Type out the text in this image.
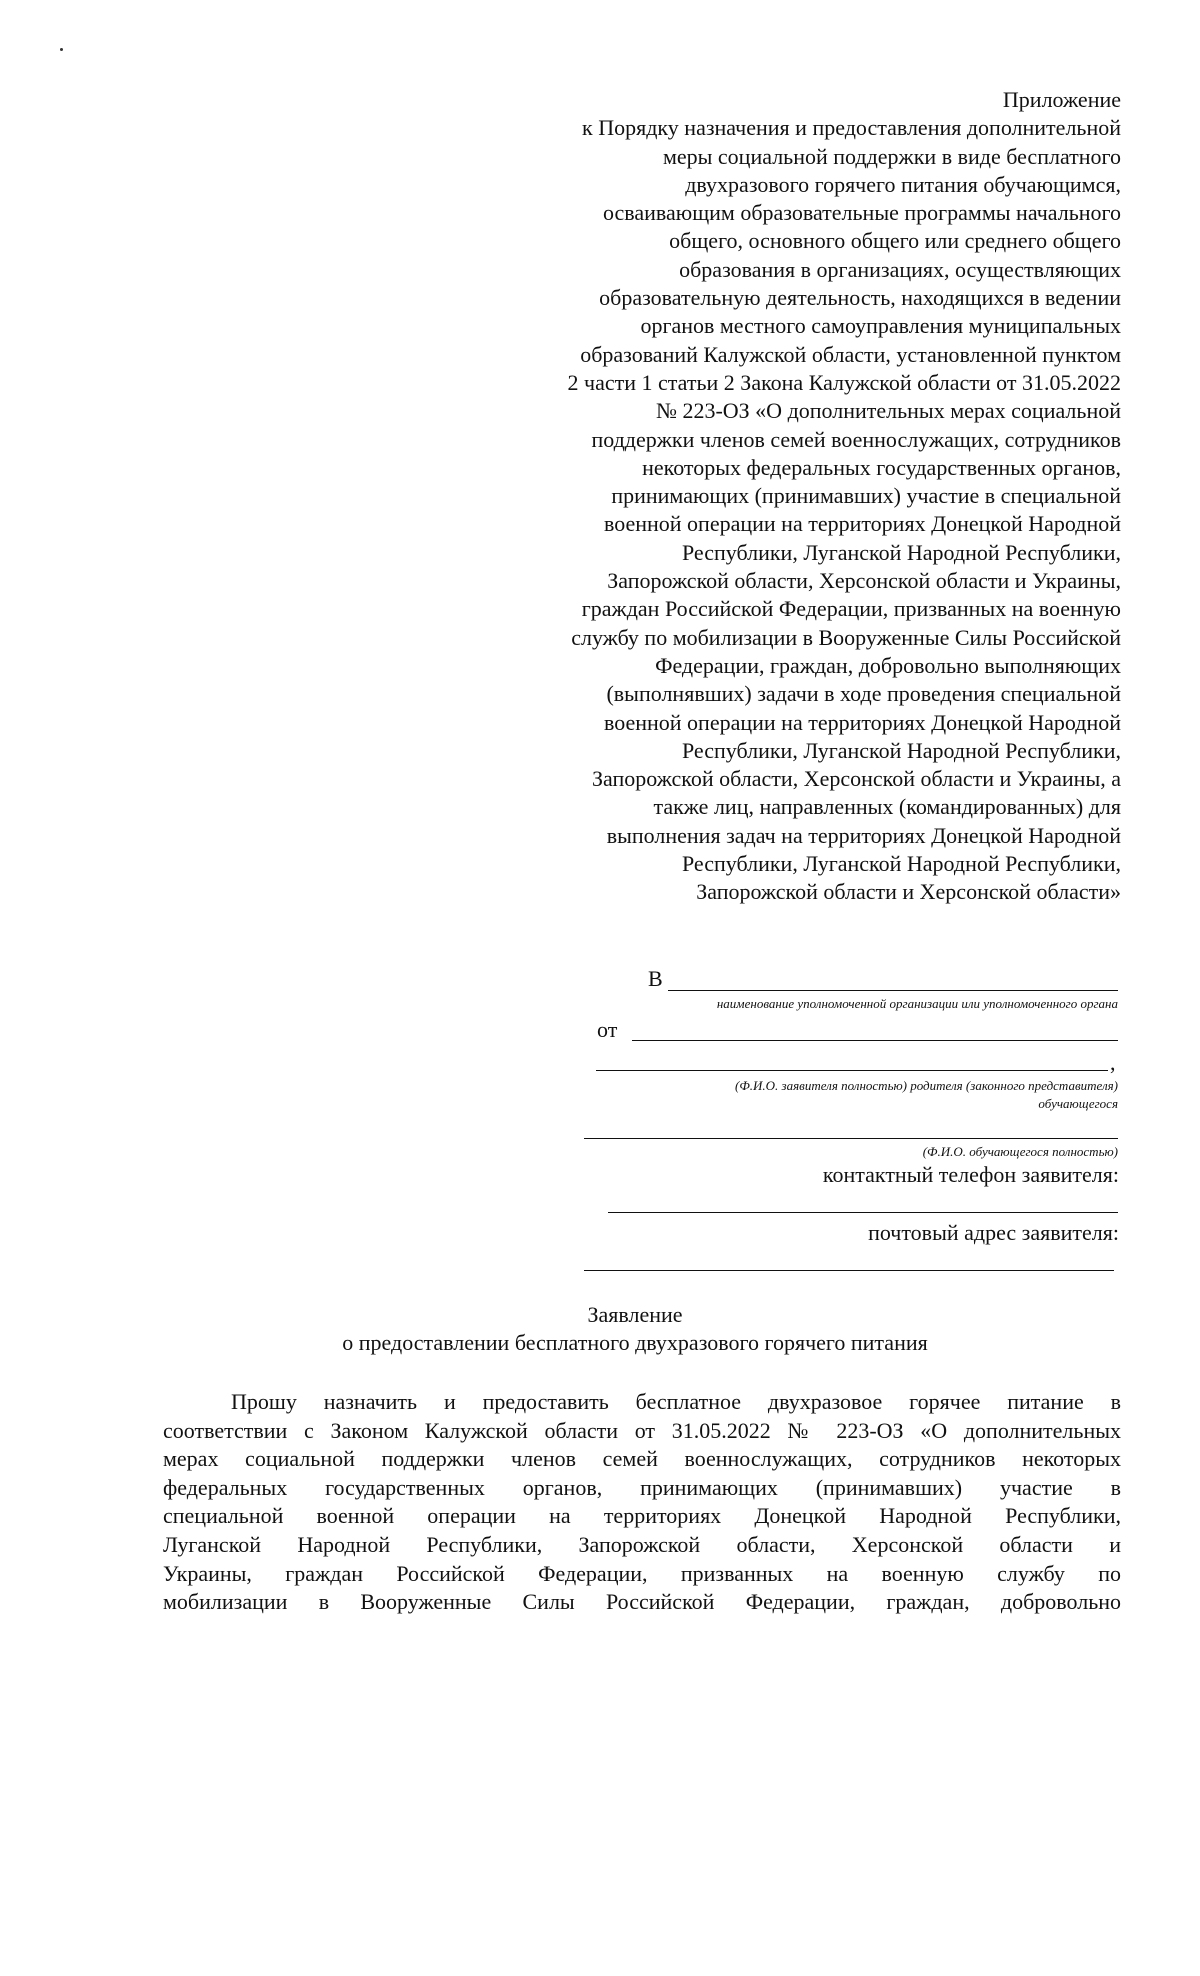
Приложение
к Порядку назначения и предоставления дополнительной
меры социальной поддержки в виде бесплатного
двухразового горячего питания обучающимся,
осваивающим образовательные программы начального
общего, основного общего или среднего общего
образования в организациях, осуществляющих
образовательную деятельность, находящихся в ведении
органов местного самоуправления муниципальных
образований Калужской области, установленной пунктом
2 части 1 статьи 2 Закона Калужской области от 31.05.2022
№ 223-ОЗ «О дополнительных мерах социальной
поддержки членов семей военнослужащих, сотрудников
некоторых федеральных государственных органов,
принимающих (принимавших) участие в специальной
военной операции на территориях Донецкой Народной
Республики, Луганской Народной Республики,
Запорожской области, Херсонской области и Украины,
граждан Российской Федерации, призванных на военную
службу по мобилизации в Вооруженные Силы Российской
Федерации, граждан, добровольно выполняющих
(выполнявших) задачи в ходе проведения специальной
военной операции на территориях Донецкой Народной
Республики, Луганской Народной Республики,
Запорожской области, Херсонской области и Украины, а
также лиц, направленных (командированных) для
выполнения задач на территориях Донецкой Народной
Республики, Луганской Народной Республики,
Запорожской области и Херсонской области»
В
наименование уполномоченной организации или уполномоченного органа
от
,
(Ф.И.О. заявителя полностью) родителя (законного представителя)
обучающегося
(Ф.И.О. обучающегося полностью)
контактный телефон заявителя:
почтовый адрес заявителя:
Заявление
о предоставлении бесплатного двухразового горячего питания
Прошу назначить и предоставить бесплатное двухразовое горячее питание в
соответствии с Законом Калужской области от 31.05.2022 № 223-ОЗ «О дополнительных
мерах социальной поддержки членов семей военнослужащих, сотрудников некоторых
федеральных государственных органов, принимающих (принимавших) участие в
специальной военной операции на территориях Донецкой Народной Республики,
Луганской Народной Республики, Запорожской области, Херсонской области и
Украины, граждан Российской Федерации, призванных на военную службу по
мобилизации в Вооруженные Силы Российской Федерации, граждан, добровольно
